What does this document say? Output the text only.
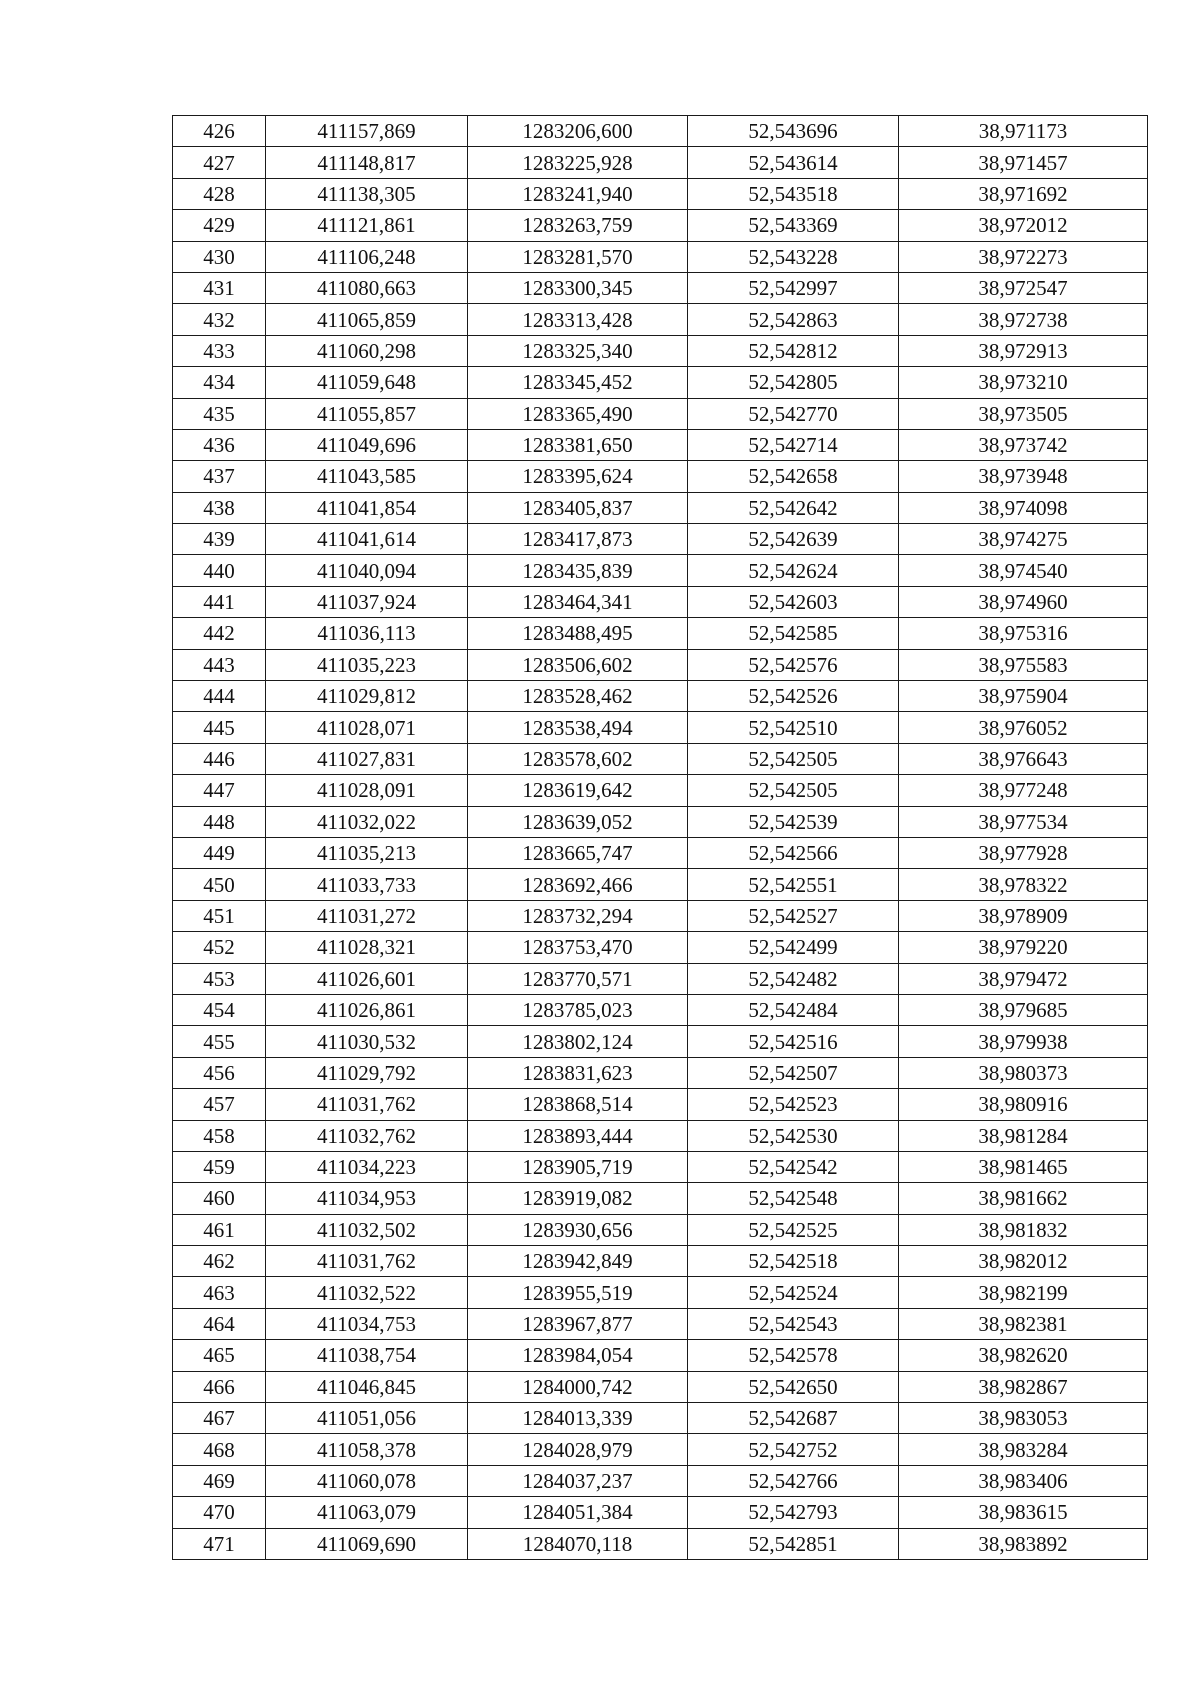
426	411157,869	1283206,600	52,543696	38,971173
427	411148,817	1283225,928	52,543614	38,971457
428	411138,305	1283241,940	52,543518	38,971692
429	411121,861	1283263,759	52,543369	38,972012
430	411106,248	1283281,570	52,543228	38,972273
431	411080,663	1283300,345	52,542997	38,972547
432	411065,859	1283313,428	52,542863	38,972738
433	411060,298	1283325,340	52,542812	38,972913
434	411059,648	1283345,452	52,542805	38,973210
435	411055,857	1283365,490	52,542770	38,973505
436	411049,696	1283381,650	52,542714	38,973742
437	411043,585	1283395,624	52,542658	38,973948
438	411041,854	1283405,837	52,542642	38,974098
439	411041,614	1283417,873	52,542639	38,974275
440	411040,094	1283435,839	52,542624	38,974540
441	411037,924	1283464,341	52,542603	38,974960
442	411036,113	1283488,495	52,542585	38,975316
443	411035,223	1283506,602	52,542576	38,975583
444	411029,812	1283528,462	52,542526	38,975904
445	411028,071	1283538,494	52,542510	38,976052
446	411027,831	1283578,602	52,542505	38,976643
447	411028,091	1283619,642	52,542505	38,977248
448	411032,022	1283639,052	52,542539	38,977534
449	411035,213	1283665,747	52,542566	38,977928
450	411033,733	1283692,466	52,542551	38,978322
451	411031,272	1283732,294	52,542527	38,978909
452	411028,321	1283753,470	52,542499	38,979220
453	411026,601	1283770,571	52,542482	38,979472
454	411026,861	1283785,023	52,542484	38,979685
455	411030,532	1283802,124	52,542516	38,979938
456	411029,792	1283831,623	52,542507	38,980373
457	411031,762	1283868,514	52,542523	38,980916
458	411032,762	1283893,444	52,542530	38,981284
459	411034,223	1283905,719	52,542542	38,981465
460	411034,953	1283919,082	52,542548	38,981662
461	411032,502	1283930,656	52,542525	38,981832
462	411031,762	1283942,849	52,542518	38,982012
463	411032,522	1283955,519	52,542524	38,982199
464	411034,753	1283967,877	52,542543	38,982381
465	411038,754	1283984,054	52,542578	38,982620
466	411046,845	1284000,742	52,542650	38,982867
467	411051,056	1284013,339	52,542687	38,983053
468	411058,378	1284028,979	52,542752	38,983284
469	411060,078	1284037,237	52,542766	38,983406
470	411063,079	1284051,384	52,542793	38,983615
471	411069,690	1284070,118	52,542851	38,983892
